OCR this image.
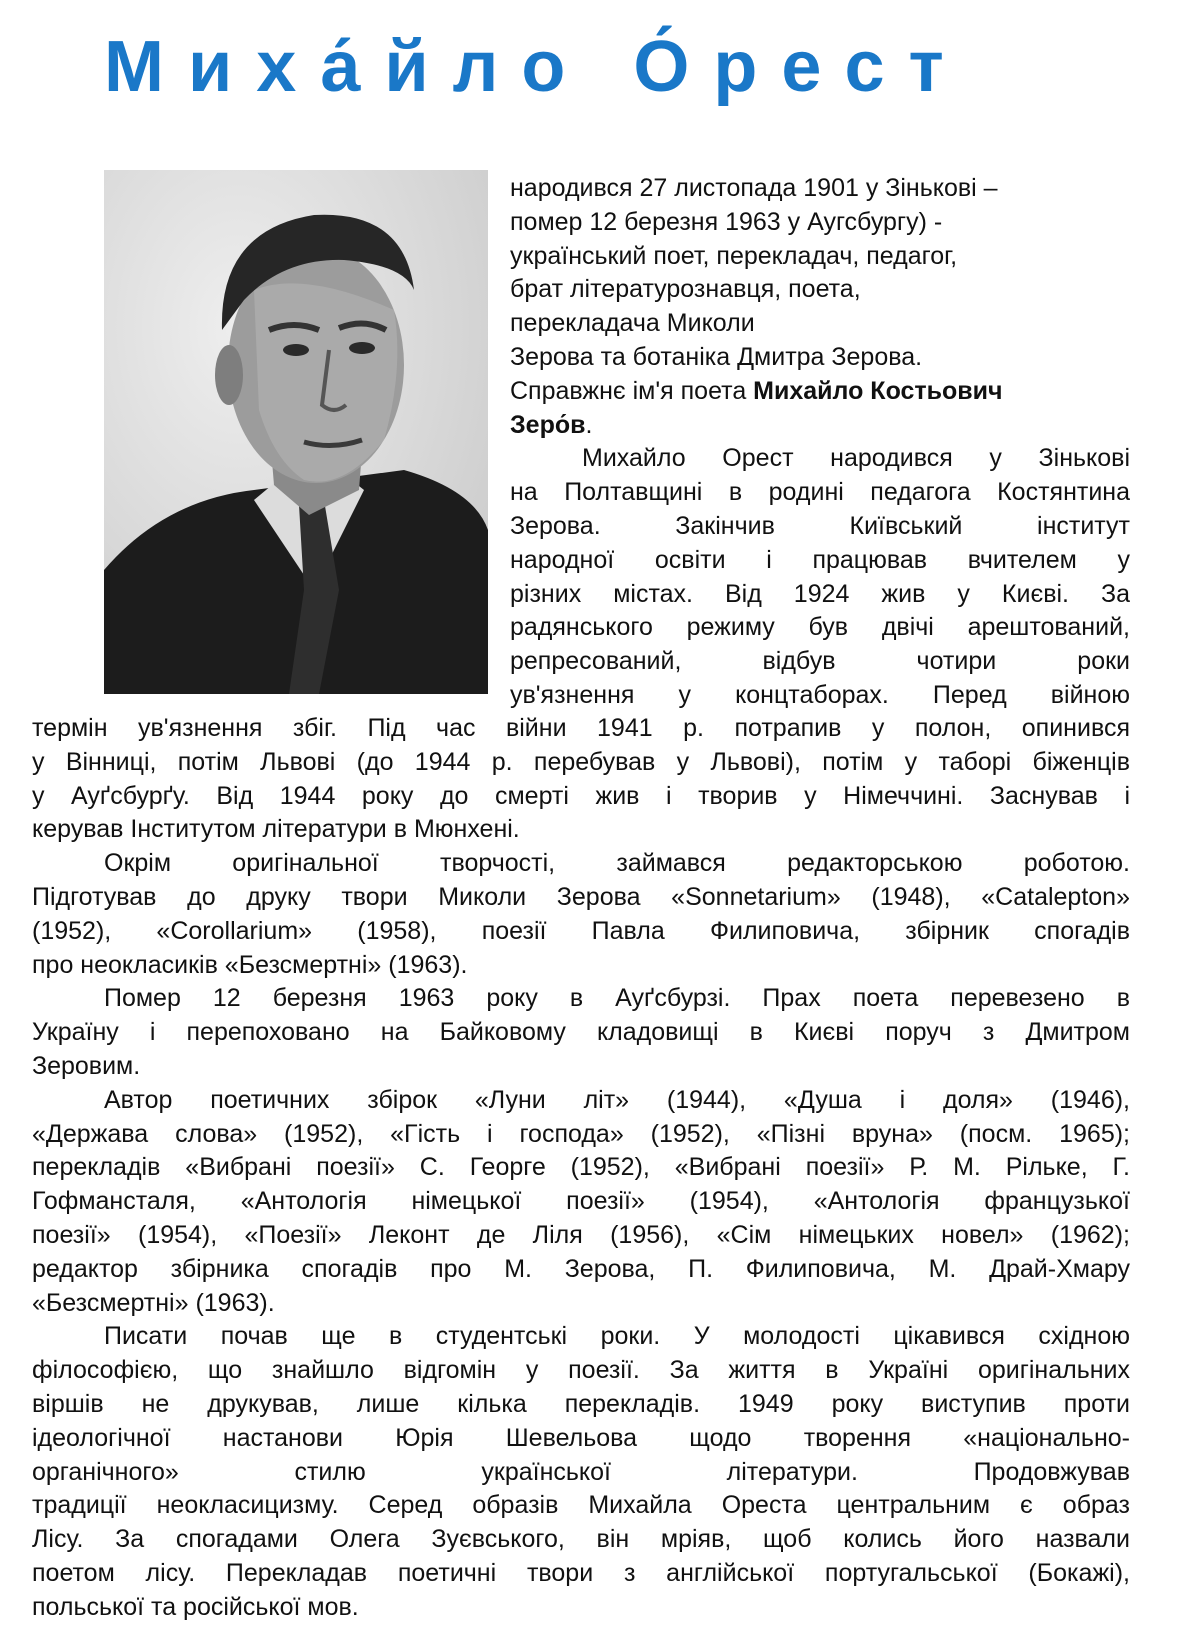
Миха́йло О́рест
народився 27 листопада 1901 у Зінькові –
помер 12 березня 1963 у Аугсбургу) -
український поет, перекладач, педагог,
брат літературознавця, поета,
перекладача Миколи
Зерова та ботаніка Дмитра Зерова.
Справжнє ім'я поета Михайло Костьович
Зеро́в.
Михайло Орест народився у Зінькові
на Полтавщині в родині педагога Костянтина
Зерова. Закінчив Київський інститут
народної освіти і працював вчителем у
різних містах. Від 1924 жив у Києві. За
радянського режиму був двічі арештований,
репресований, відбув чотири роки
ув'язнення у концтаборах. Перед війною
термін ув'язнення збіг. Під час війни 1941 р. потрапив у полон, опинився
у Вінниці, потім Львові (до 1944 р. перебував у Львові), потім у таборі біженців
у Ауґсбурґу. Від 1944 року до смерті жив і творив у Німеччині. Заснував і
керував Інститутом літератури в Мюнхені.
Окрім оригінальної творчості, займався редакторською роботою.
Підготував до друку твори Миколи Зерова «Sonnetarium» (1948), «Catalepton»
(1952), «Corollarium» (1958), поезії Павла Филиповича, збірник спогадів
про неокласиків «Безсмертні» (1963).
Помер 12 березня 1963 року в Ауґсбурзі. Прах поета перевезено в
Україну і перепоховано на Байковому кладовищі в Києві поруч з Дмитром
Зеровим.
Автор поетичних збірок «Луни літ» (1944), «Душа і доля» (1946),
«Держава слова» (1952), «Гість і господа» (1952), «Пізні вруна» (посм. 1965);
перекладів «Вибрані поезії» С. Георге (1952), «Вибрані поезії» Р. М. Рільке, Г.
Гофмансталя, «Антологія німецької поезії» (1954), «Антологія французької
поезії» (1954), «Поезії» Леконт де Ліля (1956), «Сім німецьких новел» (1962);
редактор збірника спогадів про М. Зерова, П. Филиповича, М. Драй-Хмару
«Безсмертні» (1963).
Писати почав ще в студентські роки. У молодості цікавився східною
філософією, що знайшло відгомін у поезії. За життя в Україні оригінальних
віршів не друкував, лише кілька перекладів. 1949 року виступив проти
ідеологічної настанови Юрія Шевельова щодо творення «національно-
органічного» стилю української літератури. Продовжував
традиції неокласицизму. Серед образів Михайла Ореста центральним є образ
Лісу. За спогадами Олега Зуєвського, він мріяв, щоб колись його назвали
поетом лісу. Перекладав поетичні твори з англійської португальської (Бокажі),
польської та російської мов.
